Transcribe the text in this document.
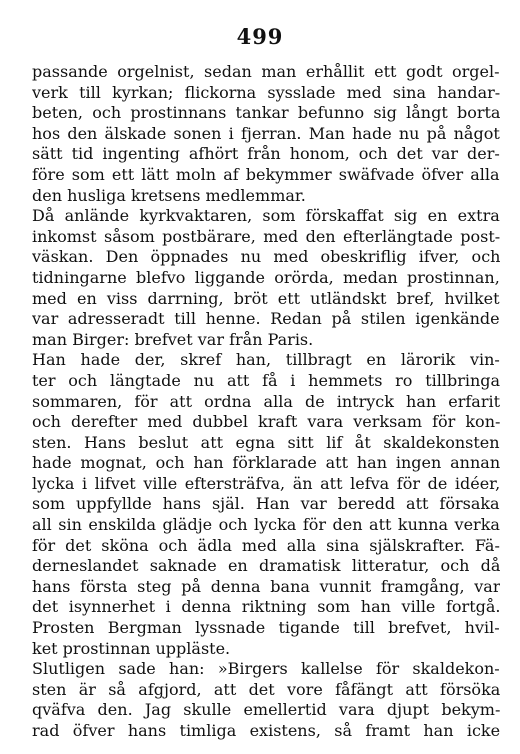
499
passande orgelnist, sedan man erhållit ett godt orgel-
verk till kyrkan; flickorna sysslade med sina handar-
beten, och prostinnans tankar befunno sig långt borta
hos den älskade sonen i fjerran. Man hade nu på något
sätt tid ingenting afhört från honom, och det var der-
före som ett lätt moln af bekymmer swäfvade öfver alla
den husliga kretsens medlemmar.
Då anlände kyrkvaktaren, som förskaffat sig en extra
inkomst såsom postbärare, med den efterlängtade post-
väskan. Den öppnades nu med obeskriflig ifver, och
tidningarne blefvo liggande orörda, medan prostinnan,
med en viss darrning, bröt ett utländskt bref, hvilket
var adresseradt till henne. Redan på stilen igenkände
man Birger: brefvet var från Paris.
Han hade der, skref han, tillbragt en lärorik vin-
ter och längtade nu att få i hemmets ro tillbringa
sommaren, för att ordna alla de intryck han erfarit
och derefter med dubbel kraft vara verksam för kon-
sten. Hans beslut att egna sitt lif åt skaldekonsten
hade mognat, och han förklarade att han ingen annan
lycka i lifvet ville eftersträfva, än att lefva för de idéer,
som uppfyllde hans själ. Han var beredd att försaka
all sin enskilda glädje och lycka för den att kunna verka
för det sköna och ädla med alla sina själskrafter. Fä-
derneslandet saknade en dramatisk litteratur, och då
hans första steg på denna bana vunnit framgång, var
det isynnerhet i denna riktning som han ville fortgå.
Prosten Bergman lyssnade tigande till brefvet, hvil-
ket prostinnan uppläste.
Slutligen sade han: »Birgers kallelse för skaldekon-
sten är så afgjord, att det vore fåfängt att försöka
qväfva den. Jag skulle emellertid vara djupt bekym-
rad öfver hans timliga existens, så framt han icke
